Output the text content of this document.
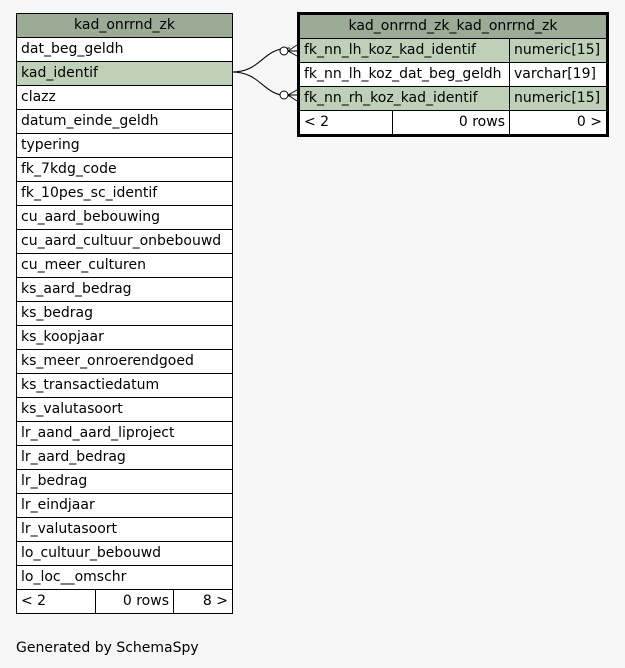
kad_onrrnd_zk
dat_beg_geldh
kad_identif
clazz
datum_einde_geldh
typering
fk_7kdg_code
fk_10pes_sc_identif
cu_aard_bebouwing
cu_aard_cultuur_onbebouwd
cu_meer_culturen
ks_aard_bedrag
ks_bedrag
ks_koopjaar
ks_meer_onroerendgoed
ks_transactiedatum
ks_valutasoort
lr_aand_aard_liproject
lr_aard_bedrag
lr_bedrag
lr_eindjaar
lr_valutasoort
lo_cultuur_bebouwd
lo_loc__omschr
< 2	0 rows	8 >
kad_onrrnd_zk_kad_onrrnd_zk		
fk_nn_lh_koz_kad_identif		numeric[15]
fk_nn_lh_koz_dat_beg_geldh		varchar[19]
fk_nn_rh_koz_kad_identif		numeric[15]
< 2	0 rows	0 >
Generated by SchemaSpy
